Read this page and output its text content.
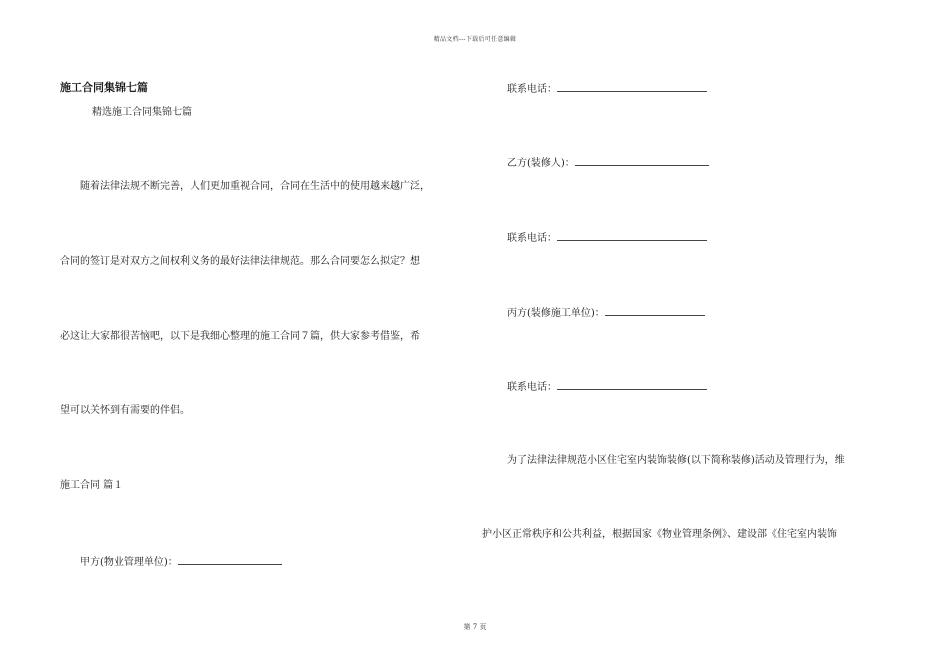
精品文档---下载后可任意编辑
施工合同集锦七篇
精选施工合同集锦七篇
随着法律法规不断完善，人们更加重视合同，合同在生活中的使用越来越广泛，
合同的签订是对双方之间权利义务的最好法律法律规范。那么合同要怎么拟定？想
必这让大家都很苦恼吧，以下是我细心整理的施工合同７篇，供大家参考借鉴，希
望可以关怀到有需要的伴侣。
施工合同 篇１
甲方(物业管理单位)：
联系电话：
乙方(装修人)：
联系电话：
丙方(装修施工单位)：
联系电话：
为了法律法律规范小区住宅室内装饰装修(以下简称装修)活动及管理行为，维
护小区正常秩序和公共利益，根据国家《物业管理条例》、建设部《住宅室内装饰
第 7 页
